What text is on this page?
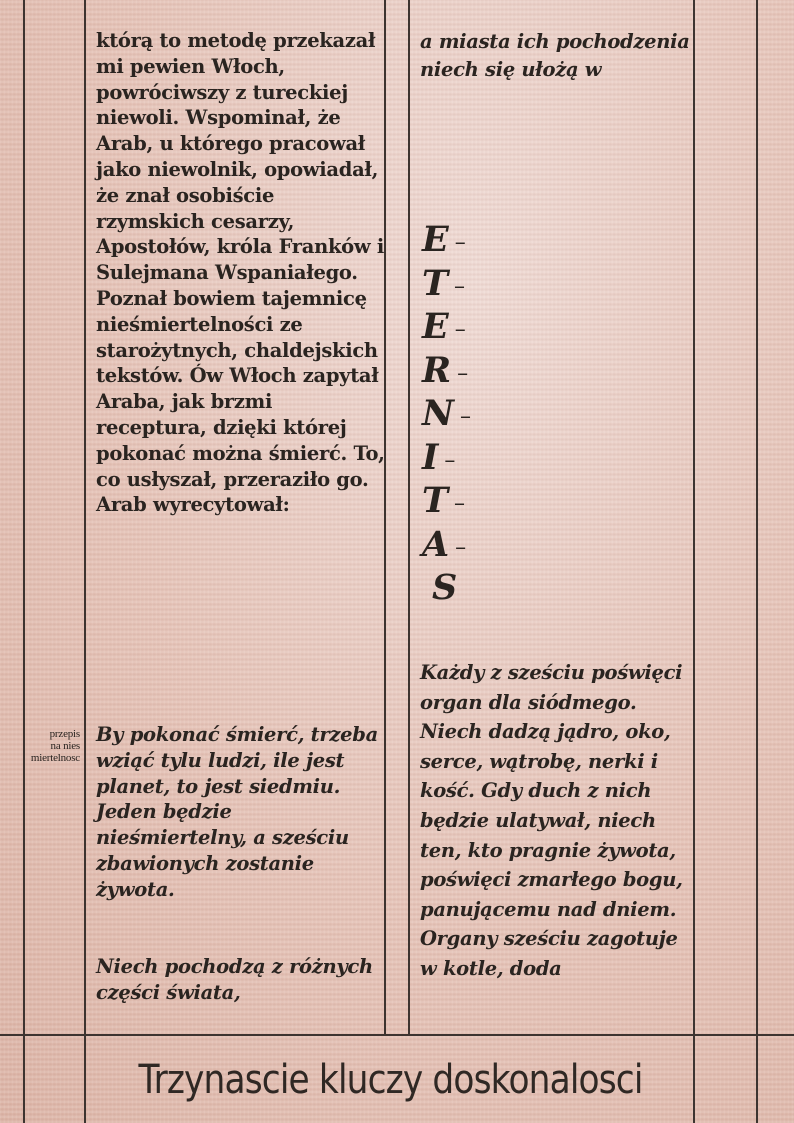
którą to metodę przekazał mi pewien Włoch, powróciwszy z tureckiej niewoli. Wspominał, że Arab, u którego pracował jako niewolnik, opowiadał, że znał osobiście rzymskich cesarzy, Apostołów, króla Franków i Sulejmana Wspaniałego. Poznał bowiem tajemnicę nieśmiertelności ze starożytnych, chaldejskich tekstów. Ów Włoch zapytał Araba, jak brzmi receptura, dzięki której pokonać można śmierć. To, co usłyszał, przeraziło go. Arab wyrecytował:

By pokonać śmierć, trzeba wziąć tylu ludzi, ile jest planet, to jest siedmiu. Jeden będzie nieśmiertelny, a sześciu zbawionych zostanie żywota.

Niech pochodzą z różnych części świata,

przepis
na nies
miertelnosc

a miasta ich pochodzenia niech się ułożą w

Każdy z sześciu poświęci organ dla siódmego. Niech dadzą jądro, oko, serce, wątrobę, nerki i kość. Gdy duch z nich będzie ulatywał, niech ten, kto pragnie żywota, poświęci zmarłego bogu, panującemu nad dniem. Organy sześciu zagotuje w kotle, doda

E –
T –
E –
R –
N –
I –
T –
A –
S
Trzynascie kluczy doskonalosci
